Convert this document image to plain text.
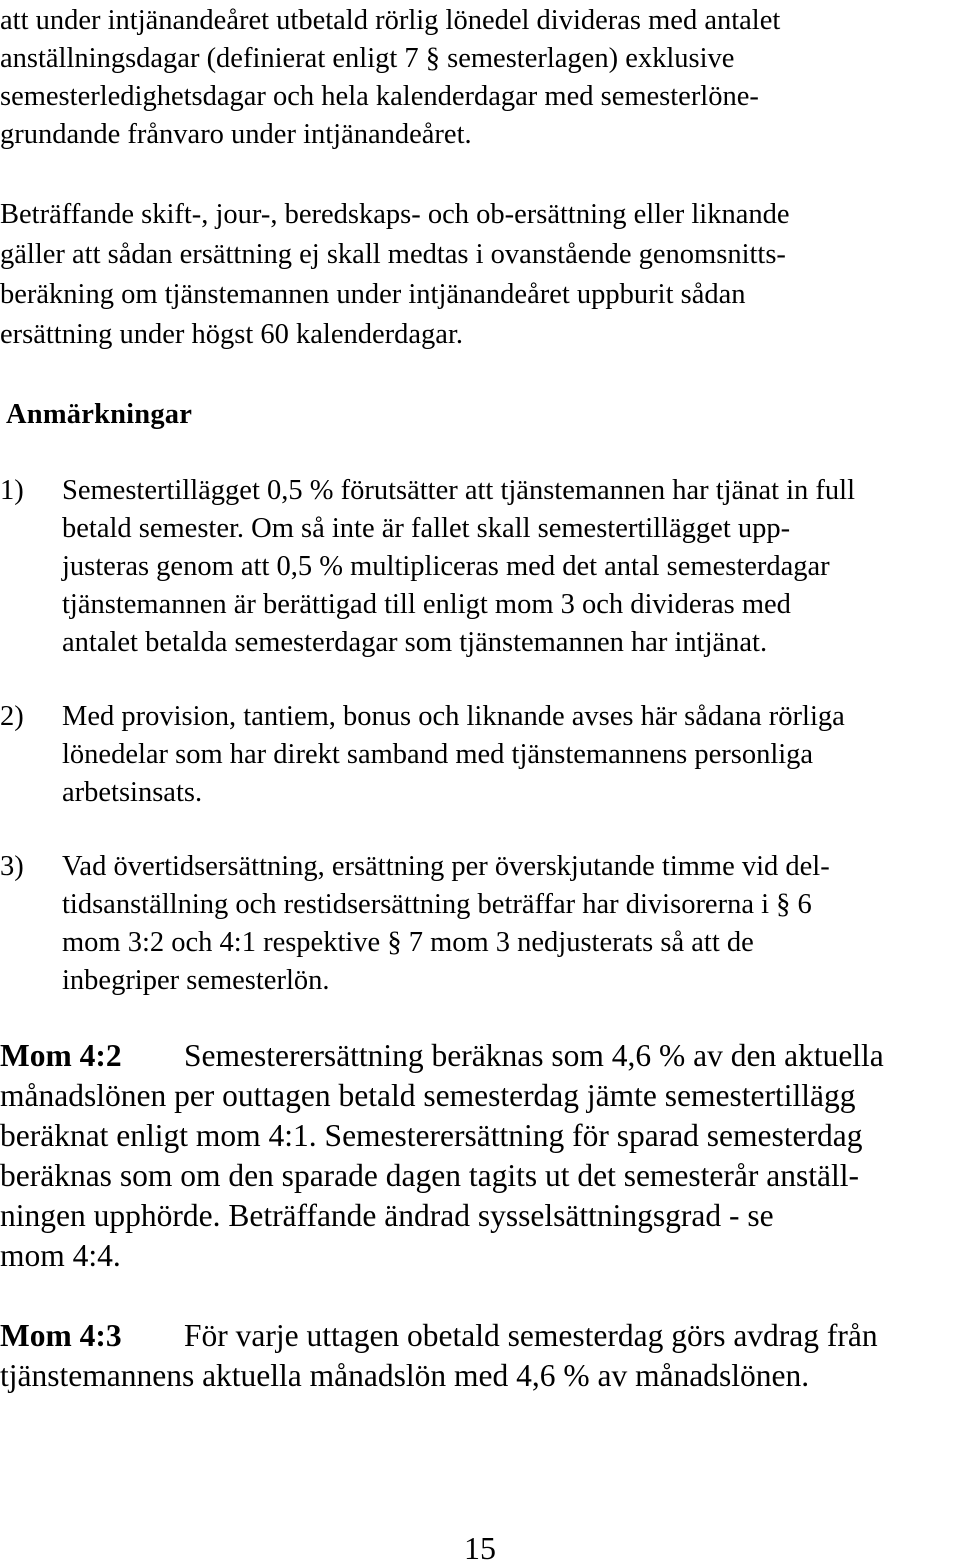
att under intjänandeåret utbetald rörlig lönedel divideras med antalet

anställningsdagar (definierat enligt 7 § semesterlagen) exklusive

semesterledighetsdagar och hela kalenderdagar med semesterlöne-

grundande frånvaro under intjänandeåret.

Beträffande skift-, jour-, beredskaps- och ob-ersättning eller liknande

gäller att sådan ersättning ej skall medtas i ovanstående genomsnitts-

beräkning om tjänstemannen under intjänandeåret uppburit sådan

ersättning under högst 60 kalenderdagar.

Anmärkningar

1) Semestertillägget 0,5 % förutsätter att tjänstemannen har tjänat in full

betald semester. Om så inte är fallet skall semestertillägget upp-

justeras genom att 0,5 % multipliceras med det antal semesterdagar

tjänstemannen är berättigad till enligt mom 3 och divideras med

antalet betalda semesterdagar som tjänstemannen har intjänat.

2) Med provision, tantiem, bonus och liknande avses här sådana rörliga

lönedelar som har direkt samband med tjänstemannens personliga

arbetsinsats.

3) Vad övertidsersättning, ersättning per överskjutande timme vid del-

tidsanställning och restidsersättning beträffar har divisorerna i § 6

mom 3:2 och 4:1 respektive § 7 mom 3 nedjusterats så att de

inbegriper semesterlön.

Mom 4:2 Semesterersättning beräknas som 4,6 % av den aktuella

månadslönen per outtagen betald semesterdag jämte semestertillägg

beräknat enligt mom 4:1. Semesterersättning för sparad semesterdag

beräknas som om den sparade dagen tagits ut det semesterår anställ-

ningen upphörde. Beträffande ändrad sysselsättningsgrad - se

mom 4:4.

Mom 4:3 För varje uttagen obetald semesterdag görs avdrag från

tjänstemannens aktuella månadslön med 4,6 % av månadslönen.

15
